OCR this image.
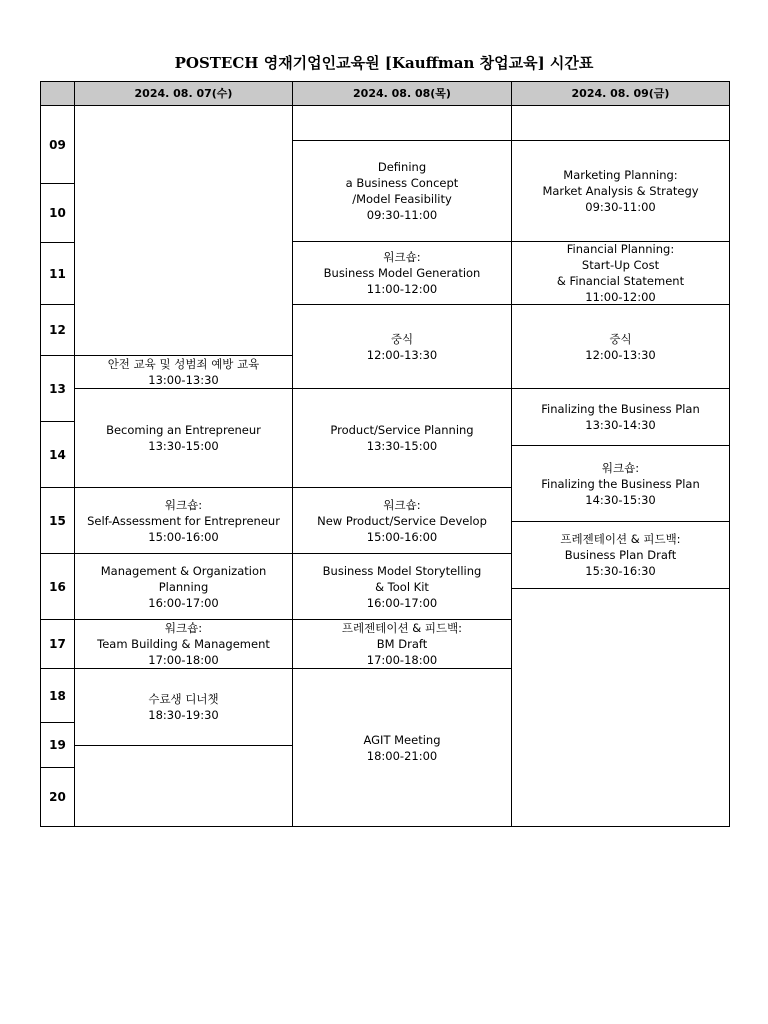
POSTECH 영재기업인교육원 [Kauffman 창업교육] 시간표
2024. 08. 07(수)	2024. 08. 08(목)	2024. 08. 09(금)
09
10
11
12
13
14
15
16
17
18
19
20
안전 교육 및 성범죄 예방 교육
13:00-13:30
Becoming an Entrepreneur
13:30-15:00
워크숍:
Self-Assessment for Entrepreneur
15:00-16:00
Management & Organization
Planning
16:00-17:00
워크숍:
Team Building & Management
17:00-18:00
수료생 디너챗
18:30-19:30
Defining
a Business Concept
/Model Feasibility
09:30-11:00
워크숍:
Business Model Generation
11:00-12:00
중식
12:00-13:30
Product/Service Planning
13:30-15:00
워크숍:
New Product/Service Develop
15:00-16:00
Business Model Storytelling
& Tool Kit
16:00-17:00
프레젠테이션 & 피드백:
BM Draft
17:00-18:00
AGIT Meeting
18:00-21:00
Marketing Planning:
Market Analysis & Strategy
09:30-11:00
Financial Planning:
Start-Up Cost
& Financial Statement
11:00-12:00
중식
12:00-13:30
Finalizing the Business Plan
13:30-14:30
워크숍:
Finalizing the Business Plan
14:30-15:30
프레젠테이션 & 피드백:
Business Plan Draft
15:30-16:30
